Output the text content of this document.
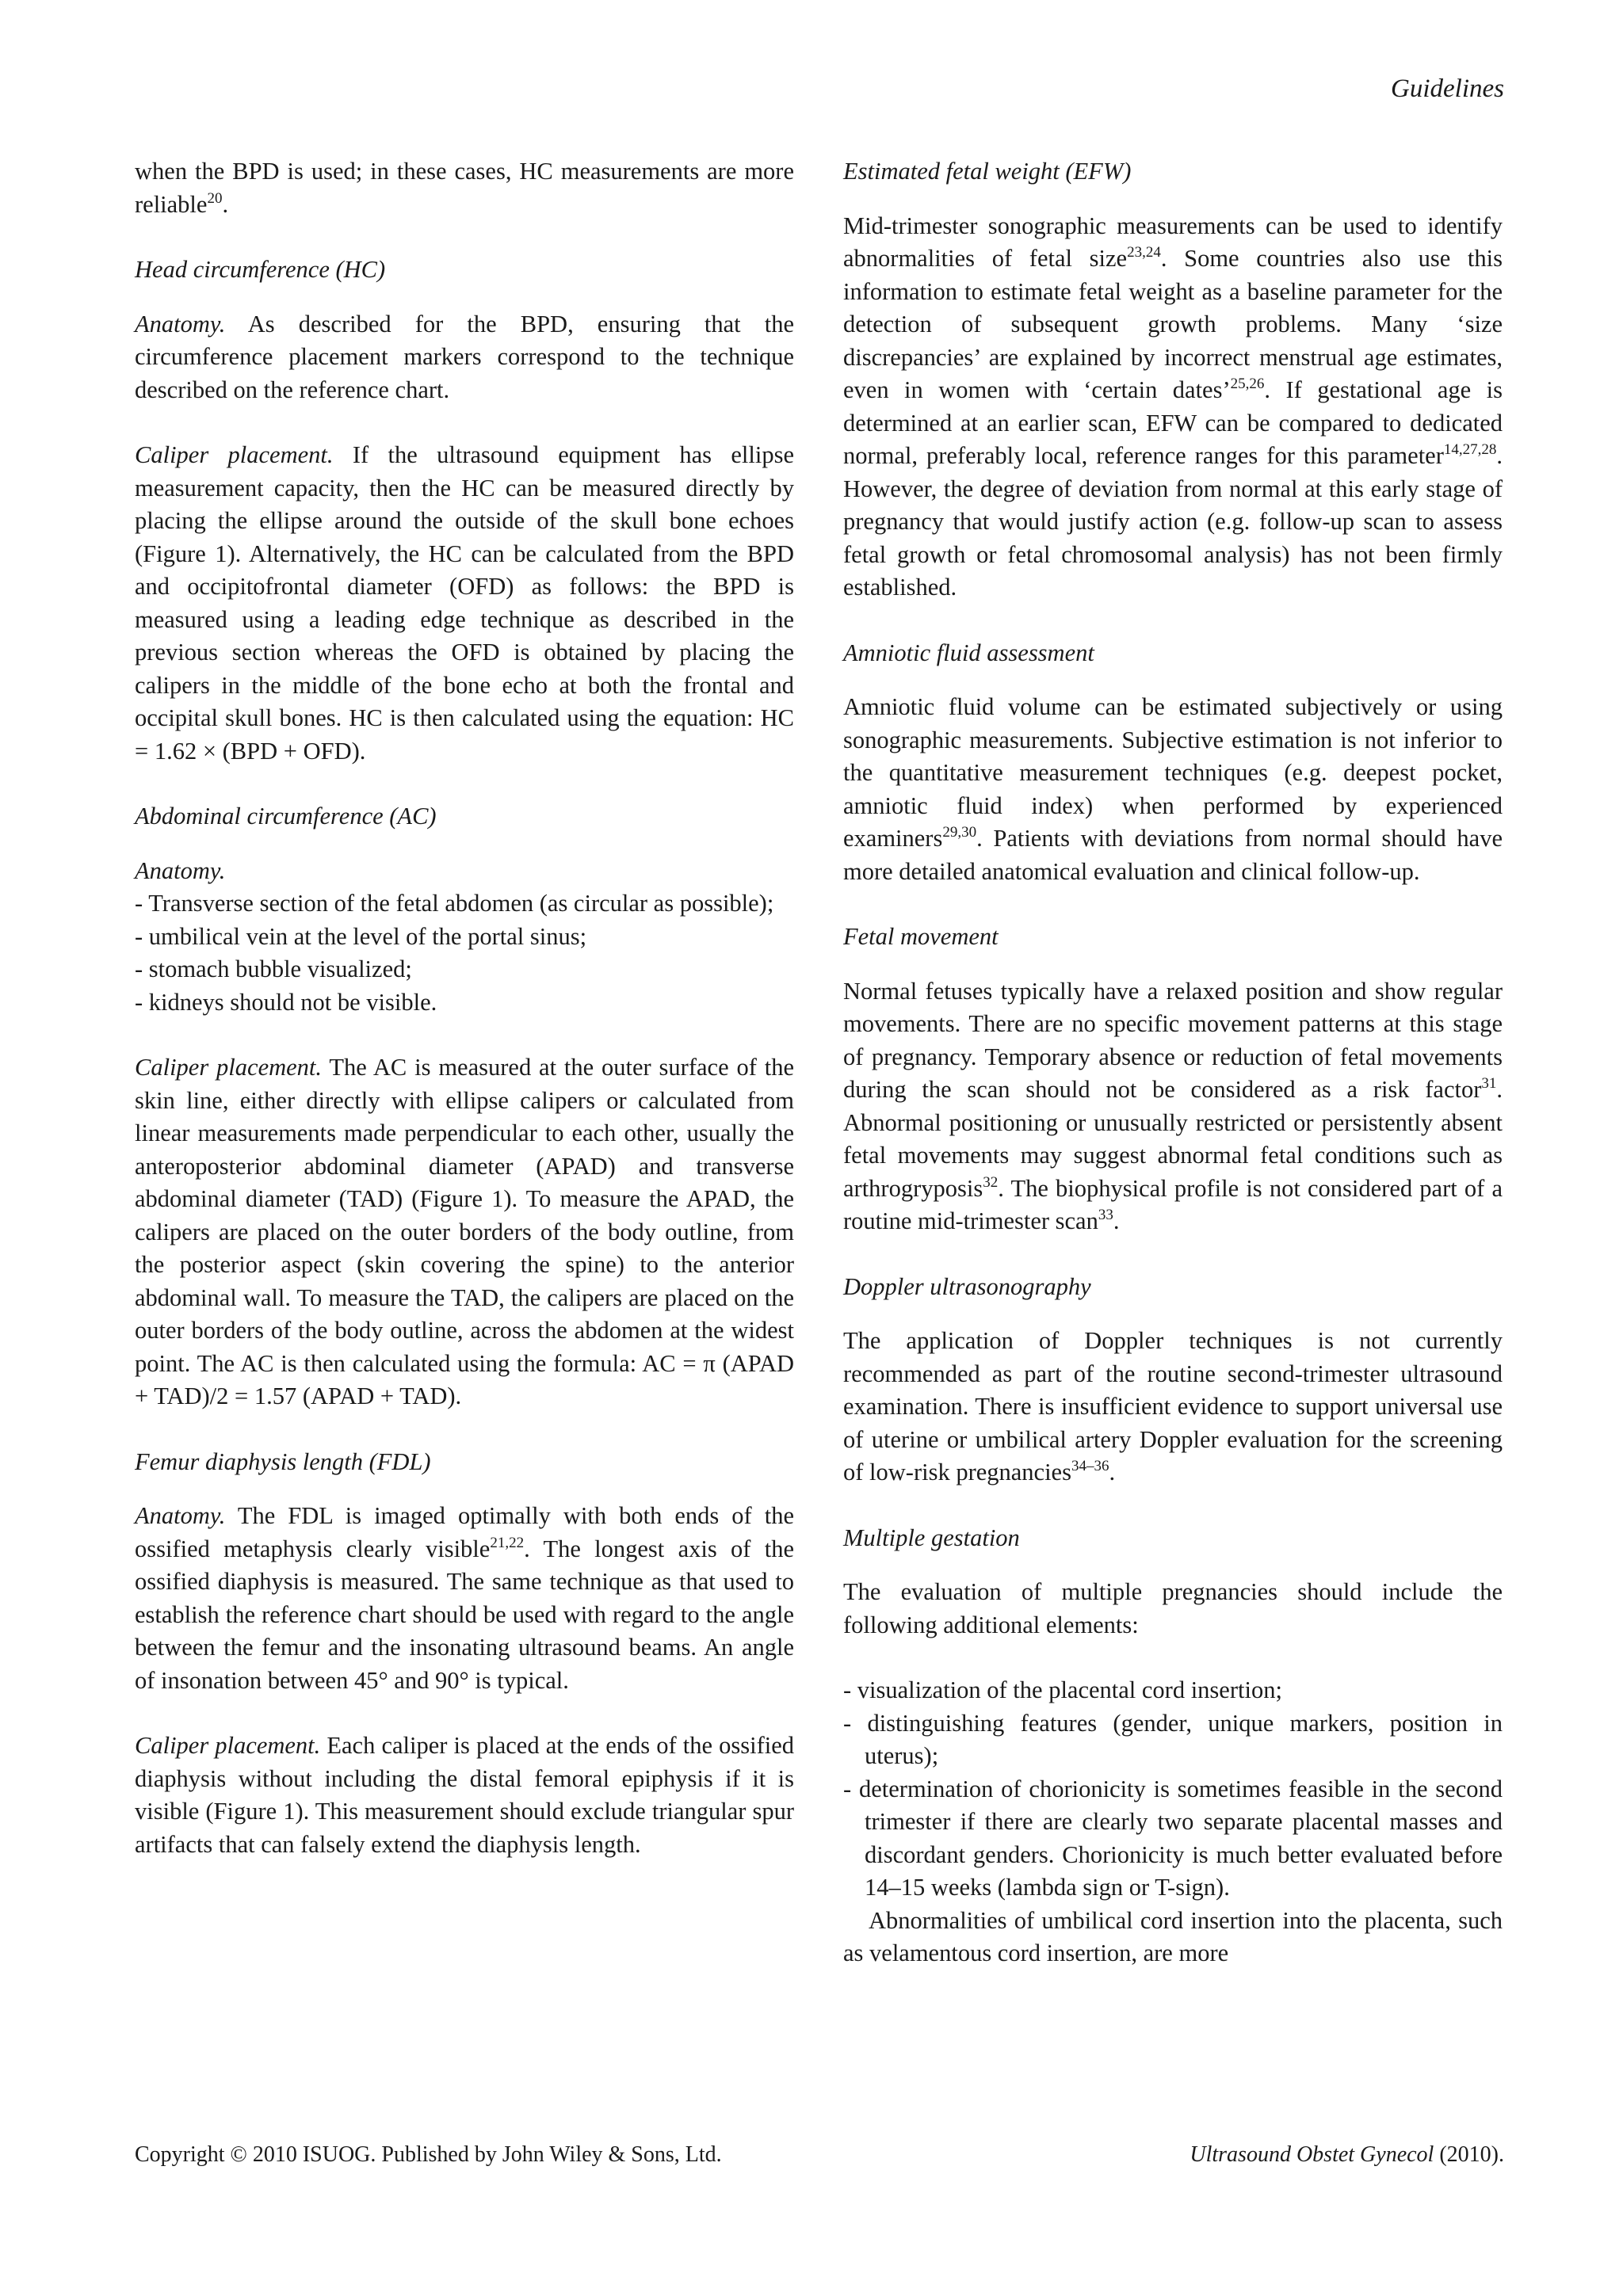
Guidelines

when the BPD is used; in these cases, HC measurements are more reliable$^{20}$.

Head circumference (HC)

Anatomy. As described for the BPD, ensuring that the circumference placement markers correspond to the technique described on the reference chart.

Caliper placement. If the ultrasound equipment has ellipse measurement capacity, then the HC can be measured directly by placing the ellipse around the outside of the skull bone echoes (Figure 1). Alternatively, the HC can be calculated from the BPD and occipitofrontal diameter (OFD) as follows: the BPD is measured using a leading edge technique as described in the previous section whereas the OFD is obtained by placing the calipers in the middle of the bone echo at both the frontal and occipital skull bones. HC is then calculated using the equation: HC = 1.62 × (BPD + OFD).

Abdominal circumference (AC)

Anatomy.

- Transverse section of the fetal abdomen (as circular as possible);
- umbilical vein at the level of the portal sinus;
- stomach bubble visualized;
- kidneys should not be visible.

Caliper placement. The AC is measured at the outer surface of the skin line, either directly with ellipse calipers or calculated from linear measurements made perpendicular to each other, usually the anteroposterior abdominal diameter (APAD) and transverse abdominal diameter (TAD) (Figure 1). To measure the APAD, the calipers are placed on the outer borders of the body outline, from the posterior aspect (skin covering the spine) to the anterior abdominal wall. To measure the TAD, the calipers are placed on the outer borders of the body outline, across the abdomen at the widest point. The AC is then calculated using the formula: AC = π (APAD + TAD)/2 = 1.57 (APAD + TAD).

Femur diaphysis length (FDL)

Anatomy. The FDL is imaged optimally with both ends of the ossified metaphysis clearly visible$^{21,22}$. The longest axis of the ossified diaphysis is measured. The same technique as that used to establish the reference chart should be used with regard to the angle between the femur and the insonating ultrasound beams. An angle of insonation between 45° and 90° is typical.

Caliper placement. Each caliper is placed at the ends of the ossified diaphysis without including the distal femoral epiphysis if it is visible (Figure 1). This measurement should exclude triangular spur artifacts that can falsely extend the diaphysis length.

Estimated fetal weight (EFW)

Mid-trimester sonographic measurements can be used to identify abnormalities of fetal size$^{23,24}$. Some countries also use this information to estimate fetal weight as a baseline parameter for the detection of subsequent growth problems. Many ‘size discrepancies’ are explained by incorrect menstrual age estimates, even in women with ‘certain dates’$^{25,26}$. If gestational age is determined at an earlier scan, EFW can be compared to dedicated normal, preferably local, reference ranges for this parameter$^{14,27,28}$. However, the degree of deviation from normal at this early stage of pregnancy that would justify action (e.g. follow-up scan to assess fetal growth or fetal chromosomal analysis) has not been firmly established.

Amniotic fluid assessment

Amniotic fluid volume can be estimated subjectively or using sonographic measurements. Subjective estimation is not inferior to the quantitative measurement techniques (e.g. deepest pocket, amniotic fluid index) when performed by experienced examiners$^{29,30}$. Patients with deviations from normal should have more detailed anatomical evaluation and clinical follow-up.

Fetal movement

Normal fetuses typically have a relaxed position and show regular movements. There are no specific movement patterns at this stage of pregnancy. Temporary absence or reduction of fetal movements during the scan should not be considered as a risk factor$^{31}$. Abnormal positioning or unusually restricted or persistently absent fetal movements may suggest abnormal fetal conditions such as arthrogryposis$^{32}$. The biophysical profile is not considered part of a routine mid-trimester scan$^{33}$.

Doppler ultrasonography

The application of Doppler techniques is not currently recommended as part of the routine second-trimester ultrasound examination. There is insufficient evidence to support universal use of uterine or umbilical artery Doppler evaluation for the screening of low-risk pregnancies$^{34-36}$.

Multiple gestation

The evaluation of multiple pregnancies should include the following additional elements:

- visualization of the placental cord insertion;
- distinguishing features (gender, unique markers, position in uterus);
- determination of chorionicity is sometimes feasible in the second trimester if there are clearly two separate placental masses and discordant genders. Chorionicity is much better evaluated before 14–15 weeks (lambda sign or T-sign).

Abnormalities of umbilical cord insertion into the placenta, such as velamentous cord insertion, are more

Copyright © 2010 ISUOG. Published by John Wiley & Sons, Ltd.	Ultrasound Obstet Gynecol (2010).
